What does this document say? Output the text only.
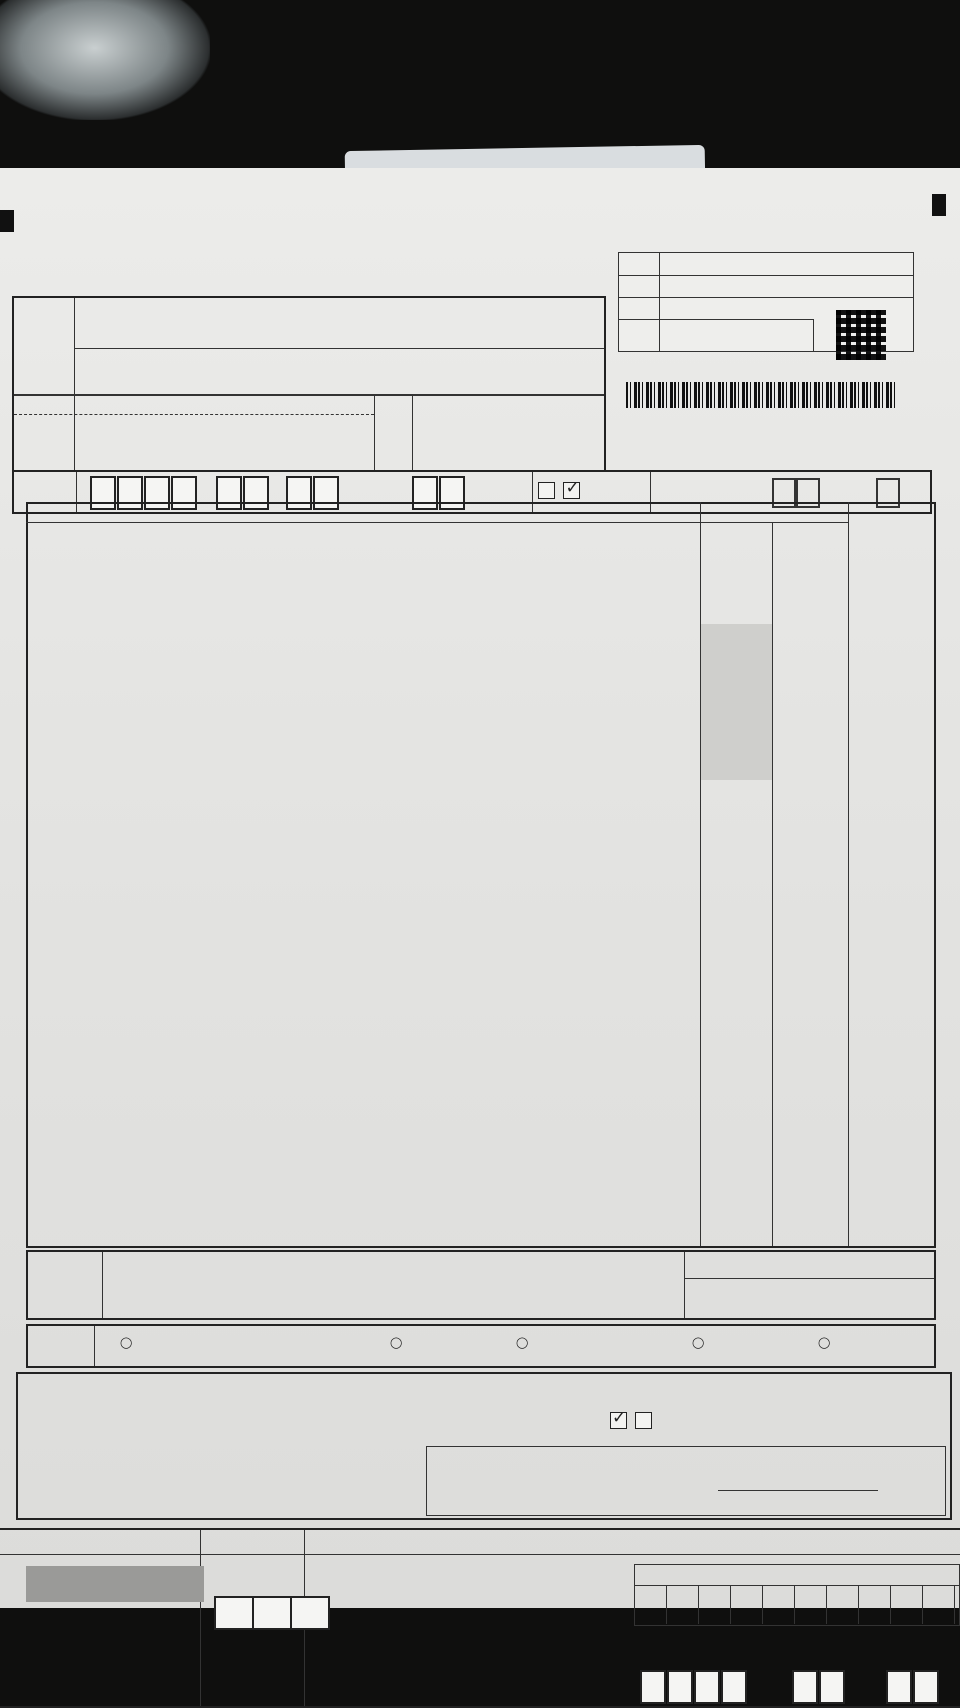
✓
◯	◯	◯	◯	◯
✓
